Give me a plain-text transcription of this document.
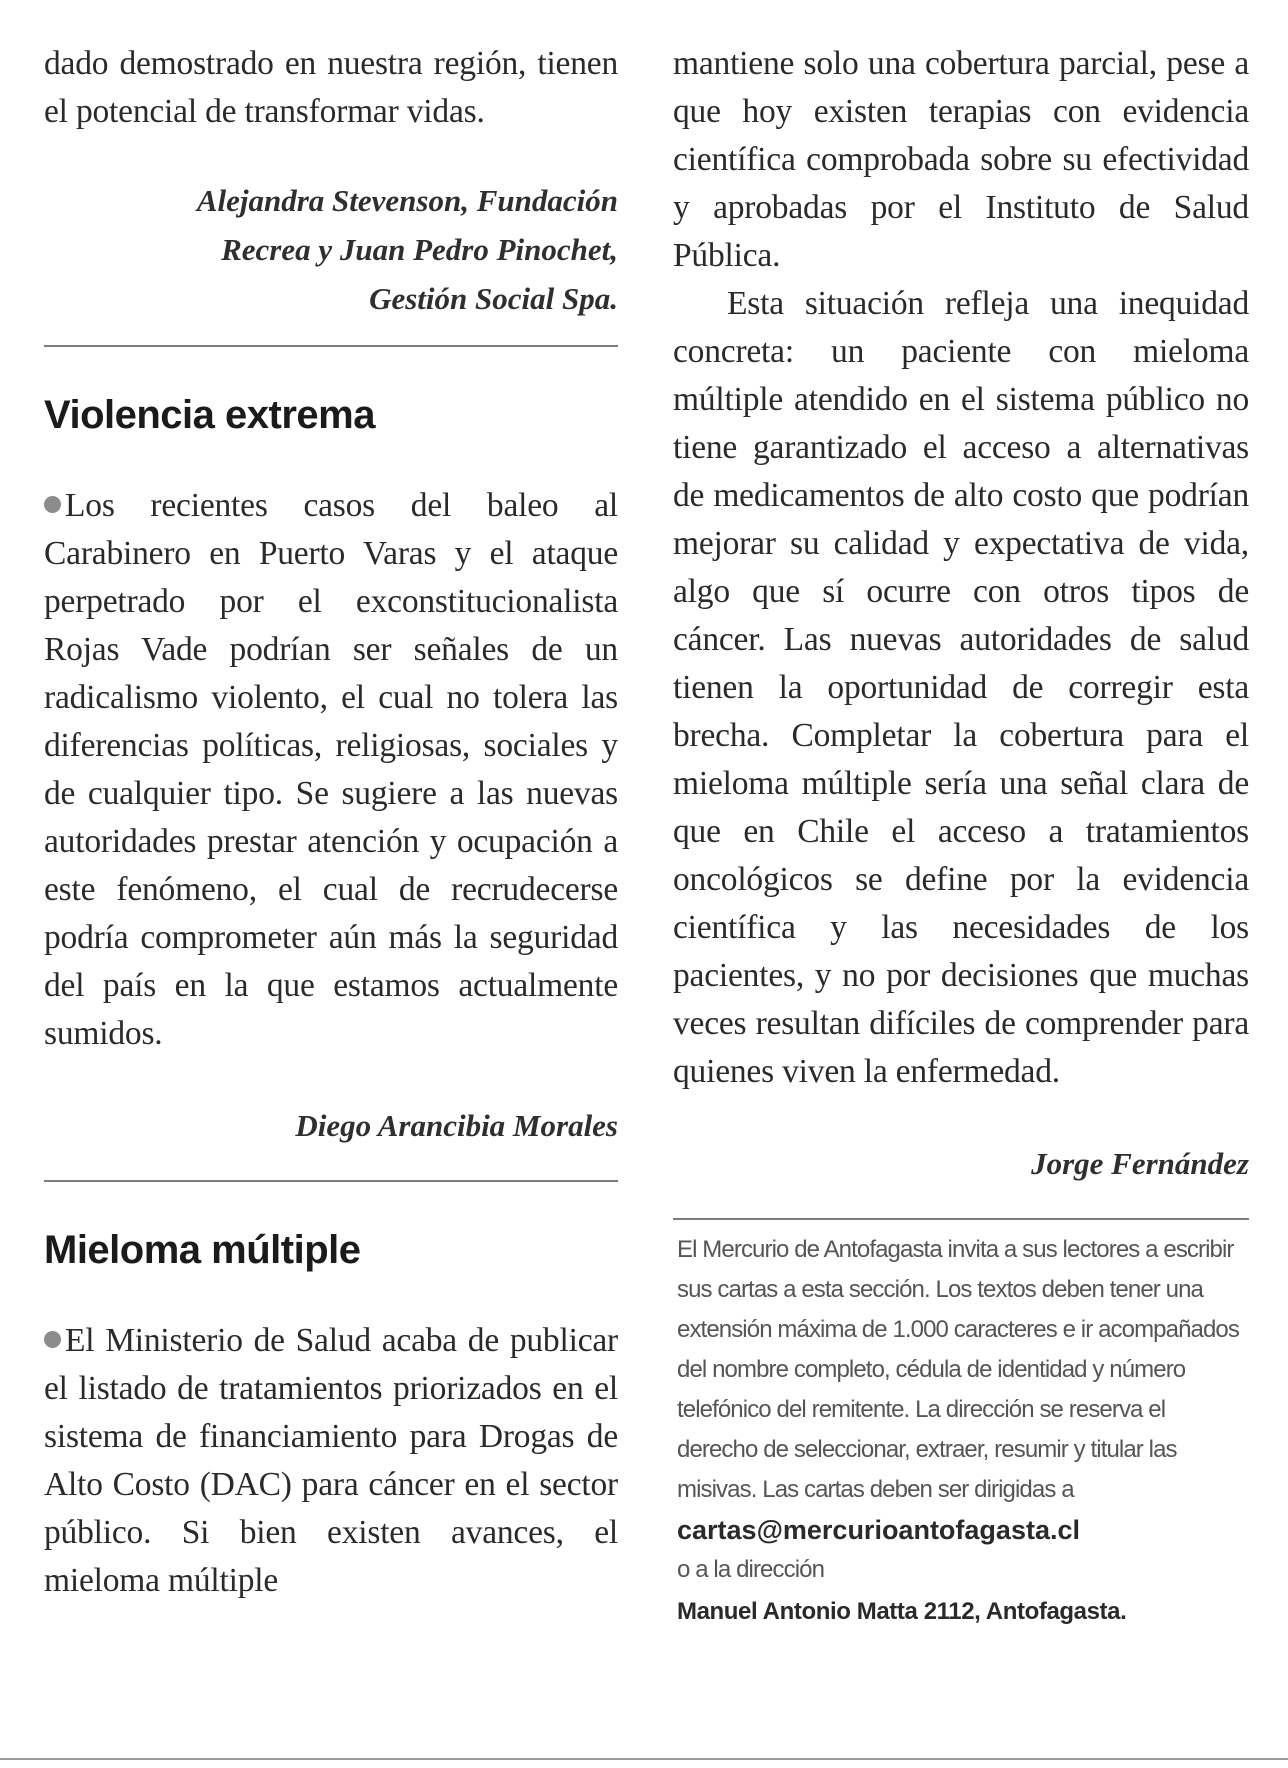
dado demostrado en nuestra región, tienen el potencial de transformar vidas.

Alejandra Stevenson, Fundación

Recrea y Juan Pedro Pinochet,

Gestión Social Spa.

Violencia extrema

Los recientes casos del baleo al Carabinero en Puerto Varas y el ataque perpetrado por el exconstitucionalista Rojas Vade podrían ser señales de un radicalismo violento, el cual no tolera las diferencias políticas, religiosas, sociales y de cualquier tipo. Se sugiere a las nuevas autoridades prestar atención y ocupación a este fenómeno, el cual de recrudecerse podría comprometer aún más la seguridad del país en la que estamos actualmente sumidos.

Diego Arancibia Morales

Mieloma múltiple

El Ministerio de Salud acaba de publicar el listado de tratamientos priorizados en el sistema de financiamiento para Drogas de Alto Costo (DAC) para cáncer en el sector público. Si bien existen avances, el mieloma múltiple

mantiene solo una cobertura parcial, pese a que hoy existen terapias con evidencia científica comprobada sobre su efectividad y aprobadas por el Instituto de Salud Pública.

Esta situación refleja una inequidad concreta: un paciente con mieloma múltiple atendido en el sistema público no tiene garantizado el acceso a alternativas de medicamentos de alto costo que podrían mejorar su calidad y expectativa de vida, algo que sí ocurre con otros tipos de cáncer. Las nuevas autoridades de salud tienen la oportunidad de corregir esta brecha. Completar la cobertura para el mieloma múltiple sería una señal clara de que en Chile el acceso a tratamientos oncológicos se define por la evidencia científica y las necesidades de los pacientes, y no por decisiones que muchas veces resultan difíciles de comprender para quienes viven la enfermedad.

Jorge Fernández

El Mercurio de Antofagasta invita a sus lectores a escribir sus cartas a esta sección. Los textos deben tener una extensión máxima de 1.000 caracteres e ir acompañados del nombre completo, cédula de identidad y número telefónico del remitente. La dirección se reserva el derecho de seleccionar, extraer, resumir y titular las misivas. Las cartas deben ser dirigidas a

cartas@mercurioantofagasta.cl

o a la dirección

Manuel Antonio Matta 2112, Antofagasta.
